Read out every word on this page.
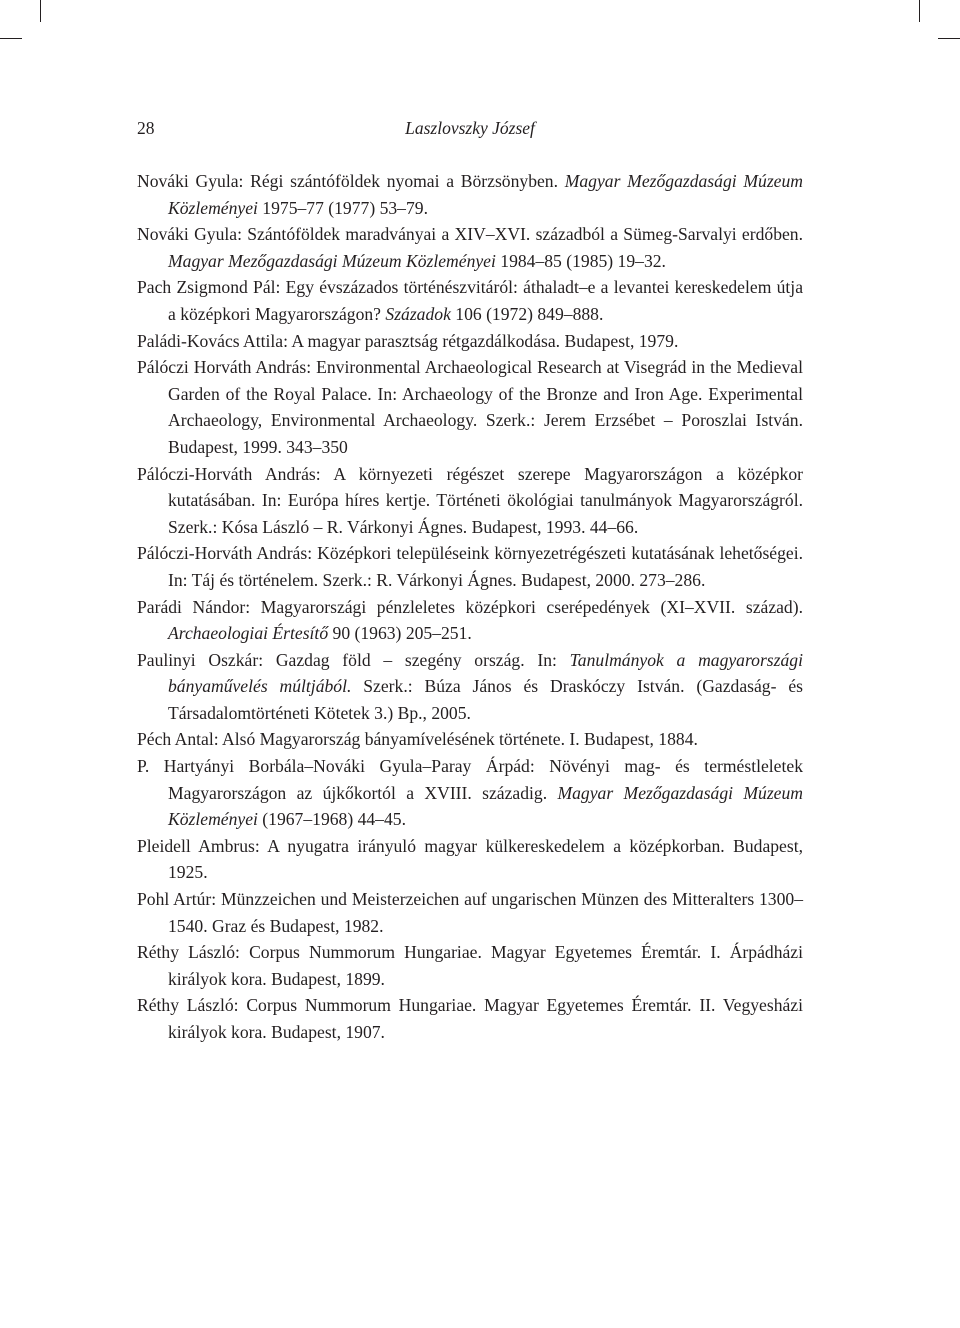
28	Laszlovszky József

Nováki Gyula: Régi szántóföldek nyomai a Börzsönyben. Magyar Mezőgazdasági Múzeum Közleményei 1975–77 (1977) 53–79.

Nováki Gyula: Szántóföldek maradványai a XIV–XVI. századból a Sümeg-Sarvalyi erdőben. Magyar Mezőgazdasági Múzeum Közleményei 1984–85 (1985) 19–32.

Pach Zsigmond Pál: Egy évszázados történészvitáról: áthaladt–e a levantei kereskedelem útja a középkori Magyarországon? Századok 106 (1972) 849–888.

Paládi-Kovács Attila: A magyar parasztság rétgazdálkodása. Budapest, 1979.

Pálóczi Horváth András: Environmental Archaeological Research at Visegrád in the Medieval Garden of the Royal Palace. In: Archaeology of the Bronze and Iron Age. Experimental Archaeology, Environmental Archaeology. Szerk.: Jerem Erzsébet – Poroszlai István. Budapest, 1999. 343–350

Pálóczi-Horváth András: A környezeti régészet szerepe Magyarországon a középkor kutatásában. In: Európa híres kertje. Történeti ökológiai tanulmányok Magyarországról. Szerk.: Kósa László – R. Várkonyi Ágnes. Budapest, 1993. 44–66.

Pálóczi-Horváth András: Középkori településeink környezetrégészeti kutatásának lehetőségei. In: Táj és történelem. Szerk.: R. Várkonyi Ágnes. Budapest, 2000. 273–286.

Parádi Nándor: Magyarországi pénzleletes középkori cserépedények (XI–XVII. század). Archaeologiai Értesítő 90 (1963) 205–251.

Paulinyi Oszkár: Gazdag föld – szegény ország. In: Tanulmányok a magyarországi bányaművelés múltjából. Szerk.: Búza János és Draskóczy István. (Gazdaság- és Társadalomtörténeti Kötetek 3.) Bp., 2005.

Péch Antal: Alsó Magyarország bányamívelésének története. I. Budapest, 1884.

P. Hartyányi Borbála–Nováki Gyula–Paray Árpád: Növényi mag- és terméstleletek Magyarországon az újkőkortól a XVIII. századig. Magyar Mezőgazdasági Múzeum Közleményei (1967–1968) 44–45.

Pleidell Ambrus: A nyugatra irányuló magyar külkereskedelem a középkorban. Budapest, 1925.

Pohl Artúr: Münzzeichen und Meisterzeichen auf ungarischen Münzen des Mitteralters 1300–1540. Graz és Budapest, 1982.

Réthy László: Corpus Nummorum Hungariae. Magyar Egyetemes Éremtár. I. Árpádházi királyok kora. Budapest, 1899.

Réthy László: Corpus Nummorum Hungariae. Magyar Egyetemes Éremtár. II. Vegyesházi királyok kora. Budapest, 1907.
